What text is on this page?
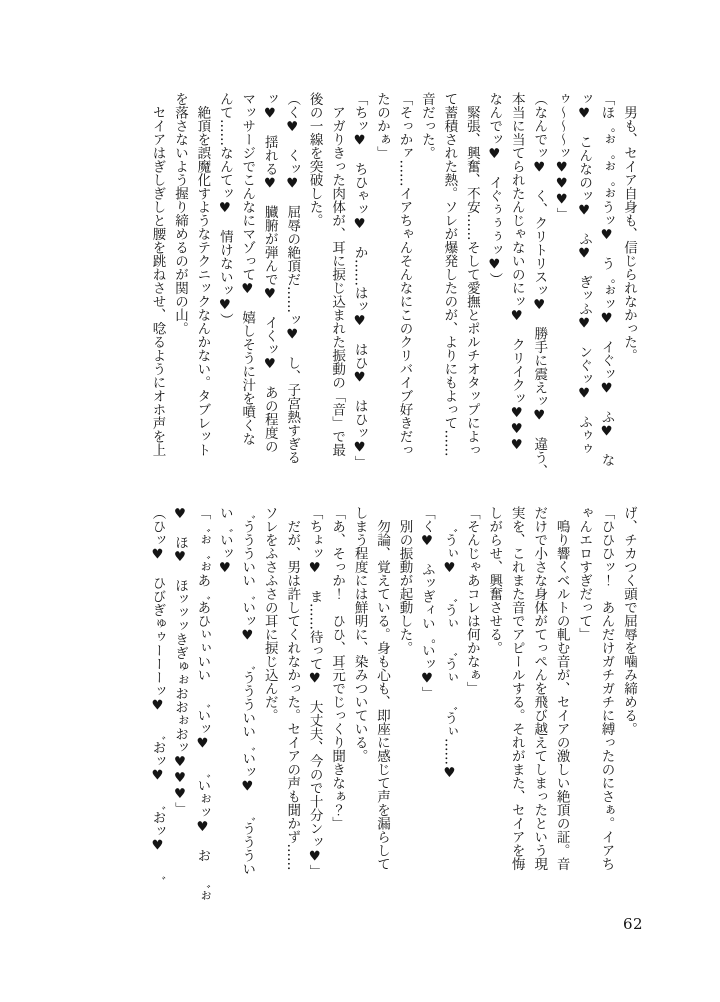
　男も、セイア自身も、信じられなかった。
「ほ゜ぉ゜ぉ゜ぉうッ♥　う゜ぉッ♥　イぐッ♥　ふ♥　な
ッ♥　こんなのッ♥　ふ♥　ぎッふ♥　ンぐッ♥　ふゥゥ
ゥ～～～ッ♥♥♥」
（なんでッ♥　く、クリトリスッ♥　勝手に震えッ♥　違う、
本当に当てられたんじゃないのにッ♥　クリイクッ♥♥♥
なんでッ♥　イぐぅぅぅッ♥）
　緊張、興奮、不安……そして愛撫とポルチオタップによっ
て蓄積された熱。ソレが爆発したのが、よりにもよって……
音だった。
「そっかァ……イアちゃんそんなにこのクリバイブ好きだっ
たのかぁ」
「ちッ♥　ちひゃッ♥　か……はッ♥　はひ♥　はひッ♥」
　アガりきった肉体が、耳に捩じ込まれた振動の「音」で最
後の一線を突破した。
（く♥　くッ♥　屈辱の絶頂だ……ッ♥　し、子宮熱すぎる
ッ♥　揺れる♥　臓腑が弾んで♥　イくッ♥　あの程度の
マッサージでこんなにマゾって♥　嬉しそうに汁を噴くな
んて……なんてッ♥　情けないッ♥）
　絶頂を誤魔化すようなテクニックなんかない。タブレット
を落さないよう握り締めるのが関の山。
　セイアはぎしぎしと腰を跳ねさせ、唸るようにオホ声を上
げ、チカつく頭で屈辱を噛み締める。
「ひひひッ！　あんだけガチガチに縛ったのにさぁ。イアち
ゃんエロすぎだって」
　鳴り響くベルトの軋む音が、セイアの激しい絶頂の証。音
だけで小さな身体がてっぺんを飛び越えてしまったという現
実を、これまた音でアピールする。それがまた、セイアを悔
しがらせ、興奮させる。
「そんじゃあコレは何かなぁ」
　゛うぃ♥　゛うぃ　゛うぃ　゛うぃ……♥
「く♥　ふッぎィい゜いッ♥」
　別の振動が起動した。
　勿論、覚えている。身も心も、即座に感じて声を漏らして
しまう程度には鮮明に、染みついている。
「あ、そっか！　ひひ、耳元でじっくり聞きなぁ？」
「ちょッ♥　ま……待って♥　大丈夫、今ので十分ンッ♥」
　だが、男は許してくれなかった。セイアの声も聞かず……
ソレをふさふさの耳に捩じ込んだ。
゛ううういい゛いッ♥　゛ううういい゛いッ♥　゛うううい
い゛いッ♥
「゛ぉ゛ぉあ゛あひぃぃいい　゛いッ♥　゛いぉッ♥　お　゛ぉ
♥　ほ♥　ほッッッきぎゅぉおおぉおッ♥♥♥」
（ひッ♥　ひびぎゅゥーーーッ♥　゛おッ♥　゛おッ♥　゛
62
